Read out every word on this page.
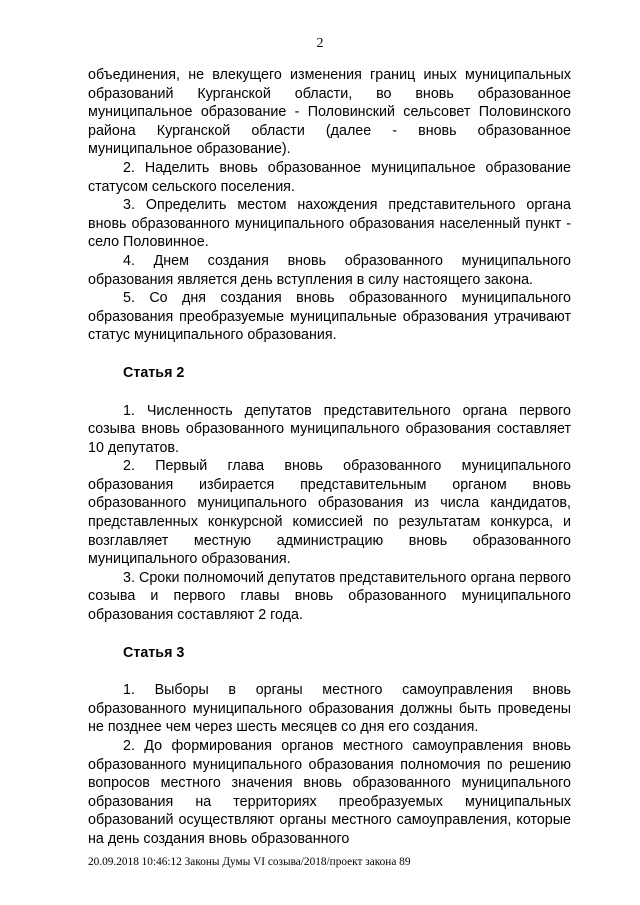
2

объединения, не влекущего изменения границ иных муниципальных образований Курганской области, во вновь образованное муниципальное образование - Половинский сельсовет Половинского района Курганской области (далее - вновь образованное муниципальное образование).

2. Наделить вновь образованное муниципальное образование статусом сельского поселения.

3. Определить местом нахождения представительного органа вновь образованного муниципального образования населенный пункт - село Половинное.

4. Днем создания вновь образованного муниципального образования является день вступления в силу настоящего закона.

5. Со дня создания вновь образованного муниципального образования преобразуемые муниципальные образования утрачивают статус муниципального образования.

Статья 2

1. Численность депутатов представительного органа первого созыва вновь образованного муниципального образования составляет 10 депутатов.

2. Первый глава вновь образованного муниципального образования избирается представительным органом вновь образованного муниципального образования из числа кандидатов, представленных конкурсной комиссией по результатам конкурса, и возглавляет местную администрацию вновь образованного муниципального образования.

3. Сроки полномочий депутатов представительного органа первого созыва и первого главы вновь образованного муниципального образования составляют 2 года.

Статья 3

1. Выборы в органы местного самоуправления вновь образованного муниципального образования должны быть проведены не позднее чем через шесть месяцев со дня его создания.

2. До формирования органов местного самоуправления вновь образованного муниципального образования полномочия по решению вопросов местного значения вновь образованного муниципального образования на территориях преобразуемых муниципальных образований осуществляют органы местного самоуправления, которые на день создания вновь образованного

20.09.2018 10:46:12 Законы Думы VI созыва/2018/проект закона 89
